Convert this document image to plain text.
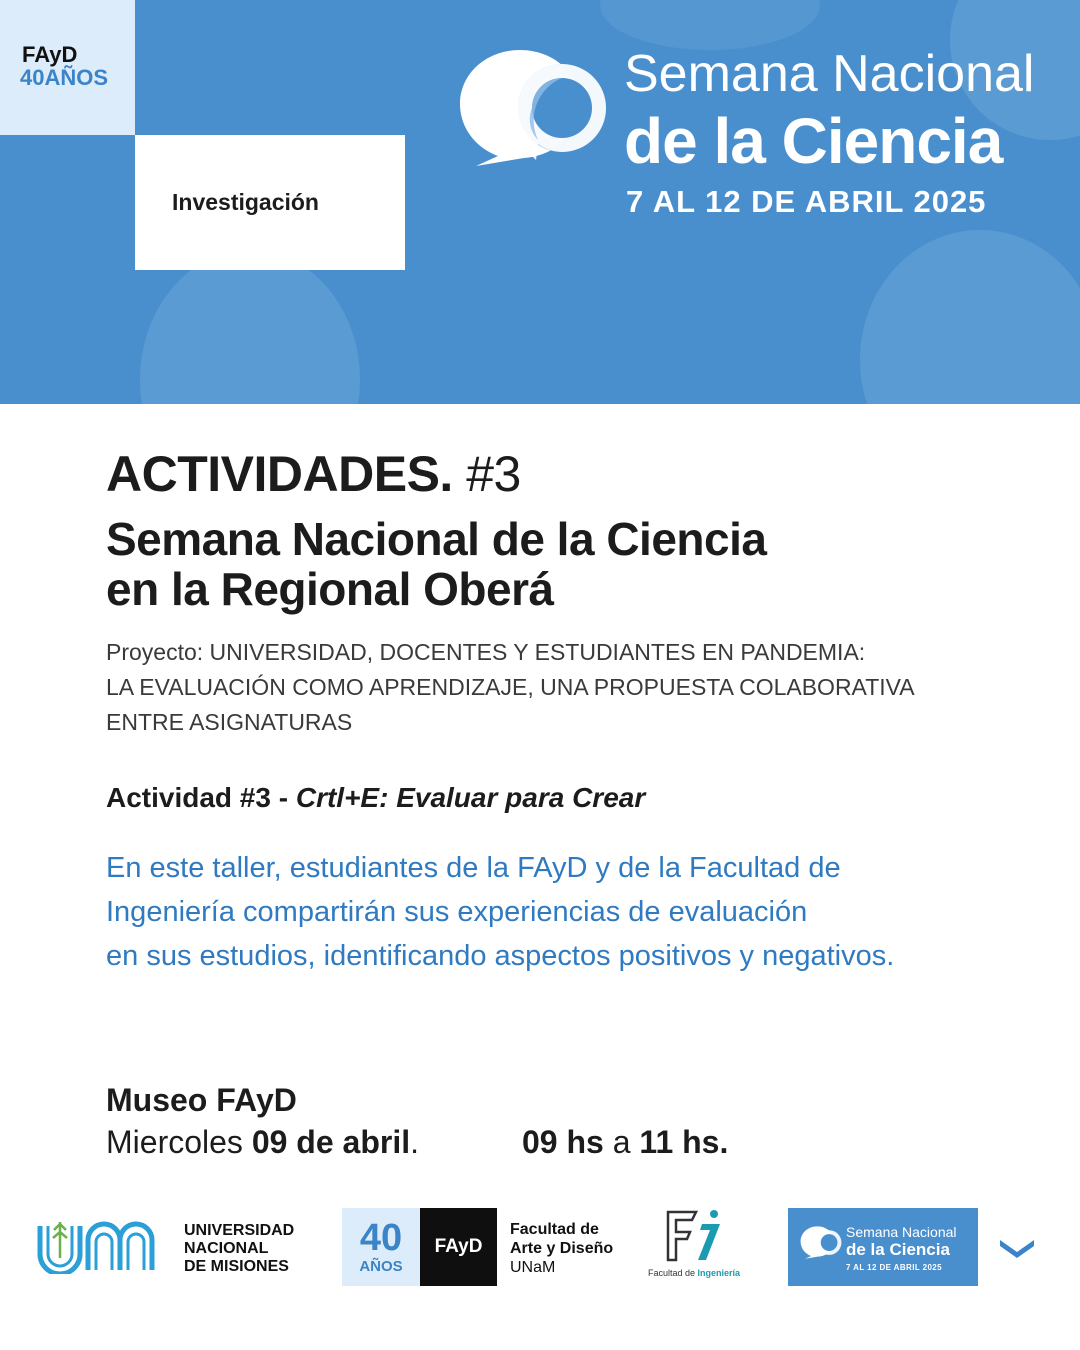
FAyD
40AÑOS
Investigación
Semana Nacional
de la Ciencia
7 AL 12 DE ABRIL 2025
ACTIVIDADES. #3
Semana Nacional de la Ciencia
en la Regional Oberá
Proyecto: UNIVERSIDAD, DOCENTES Y ESTUDIANTES EN PANDEMIA:
LA EVALUACIÓN COMO APRENDIZAJE, UNA PROPUESTA COLABORATIVA
ENTRE ASIGNATURAS
Actividad #3 - Crtl+E: Evaluar para Crear
En este taller, estudiantes de la FAyD y de la Facultad de
Ingeniería compartirán sus experiencias de evaluación
en sus estudios, identificando aspectos positivos y negativos.
Museo FAyD
Miercoles 09 de abril.	09 hs a 11 hs.
UNIVERSIDAD
NACIONAL
DE MISIONES
40
AÑOS
FAyD
Facultad de
Arte y Diseño
UNaM	Facultad de Ingeniería
Semana Nacional
de la Ciencia
7 AL 12 DE ABRIL 2025
